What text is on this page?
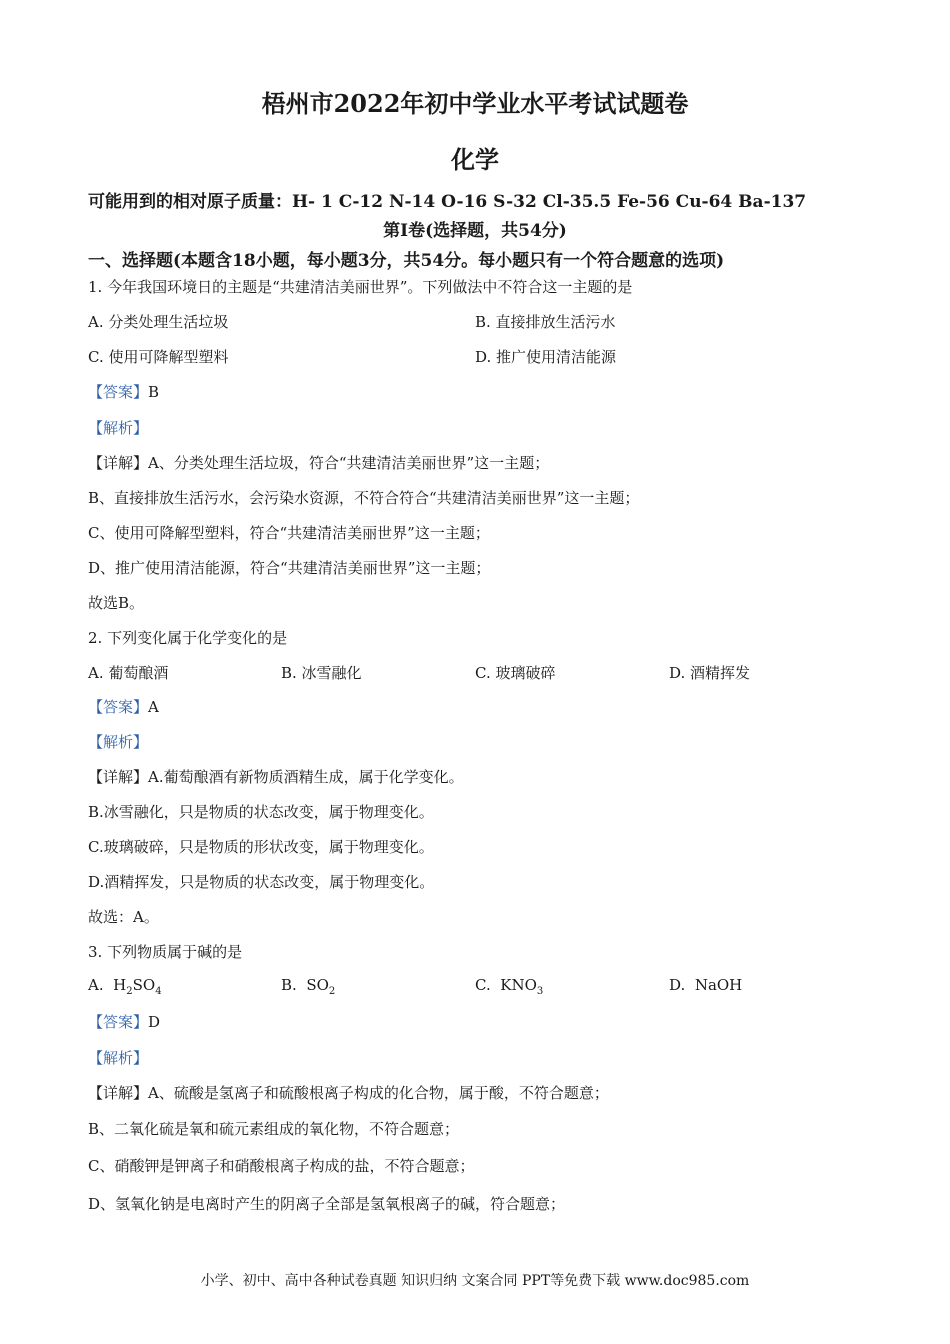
梧州市2022年初中学业水平考试试题卷
化学
可能用到的相对原子质量：H- 1 C-12 N-14 O-16 S-32 Cl-35.5 Fe-56 Cu-64 Ba-137
第Ⅰ卷(选择题，共54分)
一、选择题(本题含18小题，每小题3分，共54分。每小题只有一个符合题意的选项)
1. 今年我国环境日的主题是“共建清洁美丽世界”。下列做法中不符合这一主题的是
A. 分类处理生活垃圾	B. 直接排放生活污水
C. 使用可降解型塑料	D. 推广使用清洁能源
【答案】B
【解析】
【详解】A、分类处理生活垃圾，符合“共建清洁美丽世界”这一主题；
B、直接排放生活污水，会污染水资源，不符合符合“共建清洁美丽世界”这一主题；
C、使用可降解型塑料，符合“共建清洁美丽世界”这一主题；
D、推广使用清洁能源，符合“共建清洁美丽世界”这一主题；
故选B。
2. 下列变化属于化学变化的是
A. 葡萄酿酒	B. 冰雪融化	C. 玻璃破碎	D. 酒精挥发
【答案】A
【解析】
【详解】A.葡萄酿酒有新物质酒精生成，属于化学变化。
B.冰雪融化，只是物质的状态改变，属于物理变化。
C.玻璃破碎，只是物质的形状改变，属于物理变化。
D.酒精挥发，只是物质的状态改变，属于物理变化。
故选：A。
3. 下列物质属于碱的是
A. $H_2SO_4$	B. $SO_2$	C. $KNO_3$	D. NaOH
【答案】D
【解析】
【详解】A、硫酸是氢离子和硫酸根离子构成的化合物，属于酸，不符合题意；
B、二氧化硫是氧和硫元素组成的氧化物，不符合题意；
C、硝酸钾是钾离子和硝酸根离子构成的盐，不符合题意；
D、氢氧化钠是电离时产生的阴离子全部是氢氧根离子的碱，符合题意；
小学、初中、高中各种试卷真题 知识归纳 文案合同 PPT等免费下载 www.doc985.com
